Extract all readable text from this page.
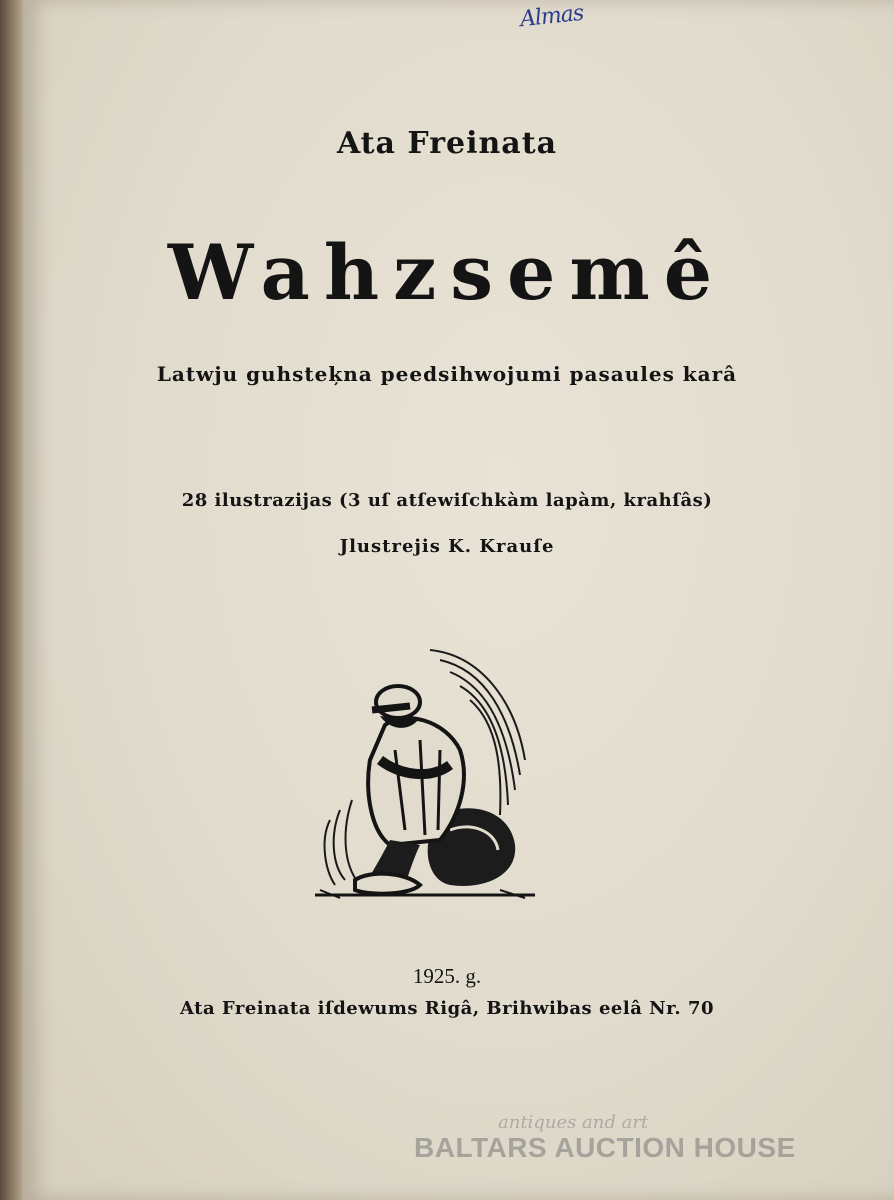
Almas
Ata Freinata
Wahzsemê
Latwju guhsteķna peedsihwojumi pasaules karâ
28 ilustrazijas (3 uſ atſewiſchkàm lapàm, krahſâs)
Jlustrejis K. Krauſe
1925. g.
Ata Freinata iſdewums Rigâ, Brihwibas eelâ Nr. 70
antiques and art
BALTARS AUCTION HOUSE
